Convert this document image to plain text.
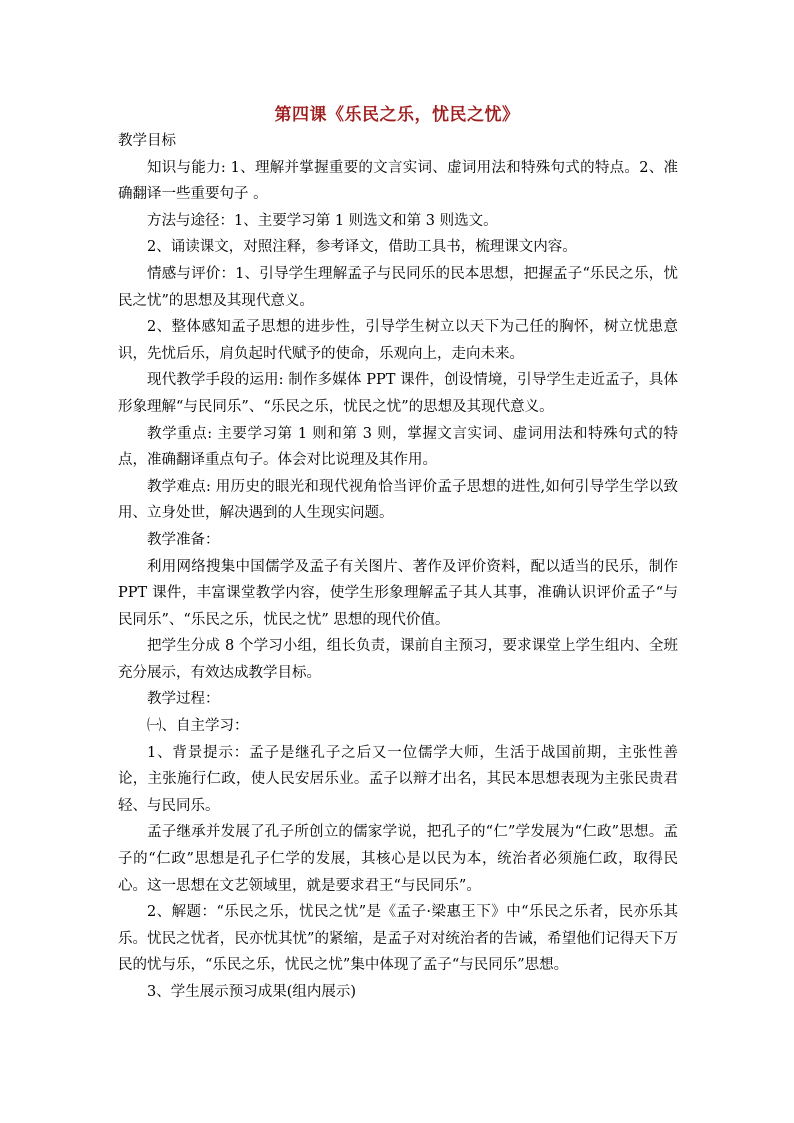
第四课《乐民之乐，忧民之忧》

教学目标

知识与能力: 1、理解并掌握重要的文言实词、虚词用法和特殊句式的特点。2、准确翻译一些重要句子 。

方法与途径：1、主要学习第 1 则选文和第 3 则选文。

2、诵读课文，对照注释，参考译文，借助工具书，梳理课文内容。

情感与评价：1、引导学生理解孟子与民同乐的民本思想，把握孟子“乐民之乐，忧民之忧”的思想及其现代意义。

2、整体感知孟子思想的进步性，引导学生树立以天下为己任的胸怀，树立忧患意识，先忧后乐，肩负起时代赋予的使命，乐观向上，走向未来。

现代教学手段的运用: 制作多媒体 PPT 课件，创设情境，引导学生走近孟子，具体形象理解“与民同乐”、“乐民之乐，忧民之忧”的思想及其现代意义。

教学重点: 主要学习第 1 则和第 3 则，掌握文言实词、虚词用法和特殊句式的特点，准确翻译重点句子。体会对比说理及其作用。

教学难点: 用历史的眼光和现代视角恰当评价孟子思想的进性,如何引导学生学以致用、立身处世，解决遇到的人生现实问题。

教学准备：

利用网络搜集中国儒学及孟子有关图片、著作及评价资料，配以适当的民乐，制作 PPT 课件，丰富课堂教学内容，使学生形象理解孟子其人其事，准确认识评价孟子“与民同乐”、“乐民之乐，忧民之忧” 思想的现代价值。

把学生分成 8 个学习小组，组长负责，课前自主预习，要求课堂上学生组内、全班充分展示，有效达成教学目标。

教学过程：

㈠、自主学习：

1、背景提示：孟子是继孔子之后又一位儒学大师，生活于战国前期，主张性善论，主张施行仁政，使人民安居乐业。孟子以辩才出名，其民本思想表现为主张民贵君轻、与民同乐。

孟子继承并发展了孔子所创立的儒家学说，把孔子的“仁”学发展为“仁政”思想。孟子的“仁政”思想是孔子仁学的发展，其核心是以民为本，统治者必须施仁政，取得民心。这一思想在文艺领域里，就是要求君王“与民同乐”。

2、解题：“乐民之乐，忧民之忧”是《孟子·梁惠王下》中“乐民之乐者，民亦乐其乐。忧民之忧者，民亦忧其忧”的紧缩，是孟子对对统治者的告诫，希望他们记得天下万民的忧与乐，“乐民之乐，忧民之忧”集中体现了孟子“与民同乐”思想。

3、学生展示预习成果(组内展示)
